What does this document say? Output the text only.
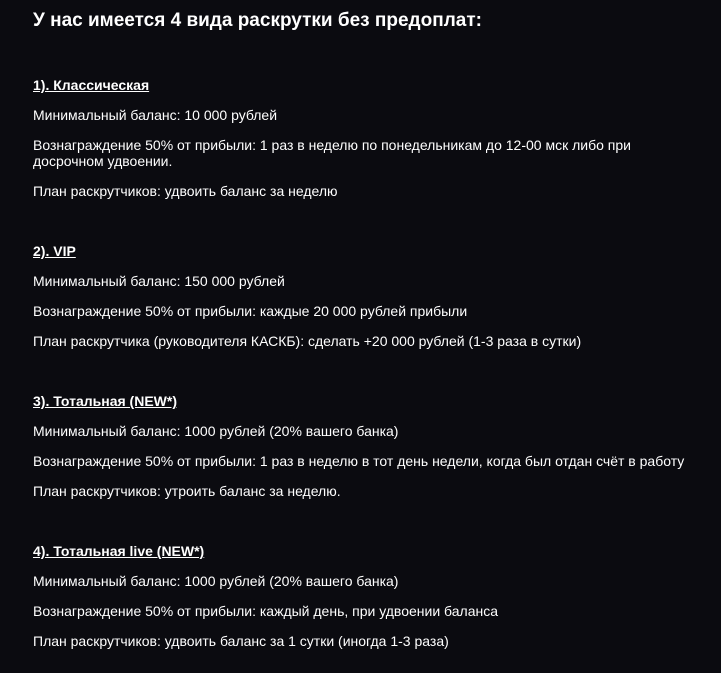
У нас имеется 4 вида раскрутки без предоплат:

1). Классическая

Минимальный баланс: 10 000 рублей

Вознаграждение 50% от прибыли: 1 раз в неделю по понедельникам до 12-00 мск либо при досрочном удвоении.

План раскрутчиков: удвоить баланс за неделю

2). VIP

Минимальный баланс: 150 000 рублей

Вознаграждение 50% от прибыли: каждые 20 000 рублей прибыли

План раскрутчика (руководителя КАСКБ): сделать +20 000 рублей (1-3 раза в сутки)

3). Тотальная (NEW*)

Минимальный баланс: 1000 рублей (20% вашего банка)

Вознаграждение 50% от прибыли: 1 раз в неделю в тот день недели, когда был отдан счёт в работу

План раскрутчиков: утроить баланс за неделю.

4). Тотальная live (NEW*)

Минимальный баланс: 1000 рублей (20% вашего банка)

Вознаграждение 50% от прибыли: каждый день, при удвоении баланса

План раскрутчиков: удвоить баланс за 1 сутки (иногда 1-3 раза)
